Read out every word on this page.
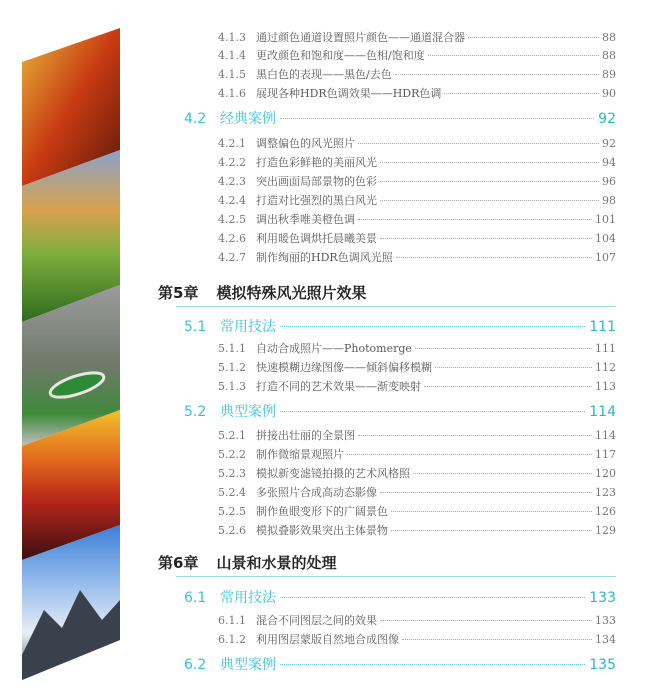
4.1.3 通过颜色通道设置照片颜色——通道混合器	88
4.1.4 更改颜色和饱和度——色相/饱和度	88
4.1.5 黑白色的表现——黑色/去色	89
4.1.6 展现各种HDR色调效果——HDR色调	90
4.2 经典案例	92
4.2.1 调整偏色的风光照片	92
4.2.2 打造色彩鲜艳的美丽风光	94
4.2.3 突出画面局部景物的色彩	96
4.2.4 打造对比强烈的黑白风光	98
4.2.5 调出秋季唯美橙色调	101
4.2.6 利用暖色调烘托晨曦美景	104
4.2.7 制作绚丽的HDR色调风光照	107
第5章 模拟特殊风光照片效果
5.1 常用技法	111
5.1.1 自动合成照片——Photomerge	111
5.1.2 快速模糊边缘图像——倾斜偏移模糊	112
5.1.3 打造不同的艺术效果——渐变映射	113
5.2 典型案例	114
5.2.1 拼接出壮丽的全景图	114
5.2.2 制作微缩景观照片	117
5.2.3 模拟新变滤镜拍摄的艺术风格照	120
5.2.4 多张照片合成高动态影像	123
5.2.5 制作鱼眼变形下的广阔景色	126
5.2.6 模拟叠影效果突出主体景物	129
第6章 山景和水景的处理
6.1 常用技法	133
6.1.1 混合不同图层之间的效果	133
6.1.2 利用图层蒙版自然地合成图像	134
6.2 典型案例	135
